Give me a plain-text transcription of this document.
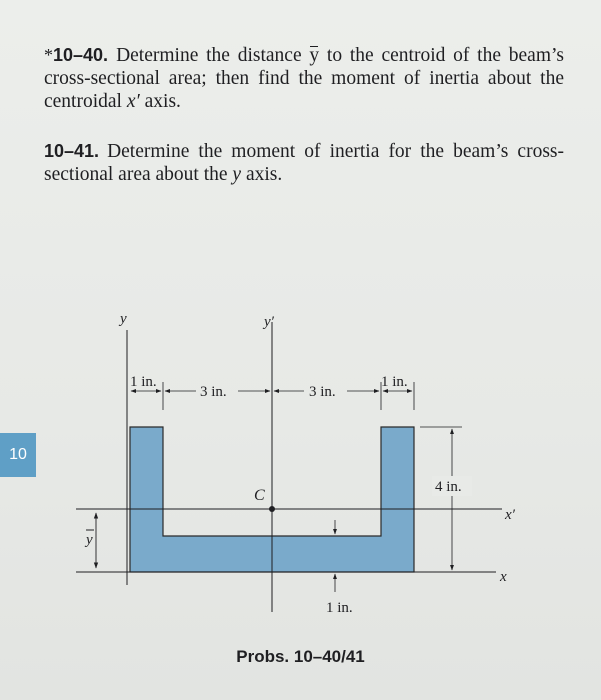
*10–40. Determine the distance y to the centroid of the beam’s cross-sectional area; then find the moment of inertia about the centroidal x′ axis.
10–41. Determine the moment of inertia for the beam’s cross-sectional area about the y axis.
10
y	y′
x′
x
C
y
1 in.
3 in.	3 in.
1 in.
4 in.
1 in.
Probs. 10–40/41
